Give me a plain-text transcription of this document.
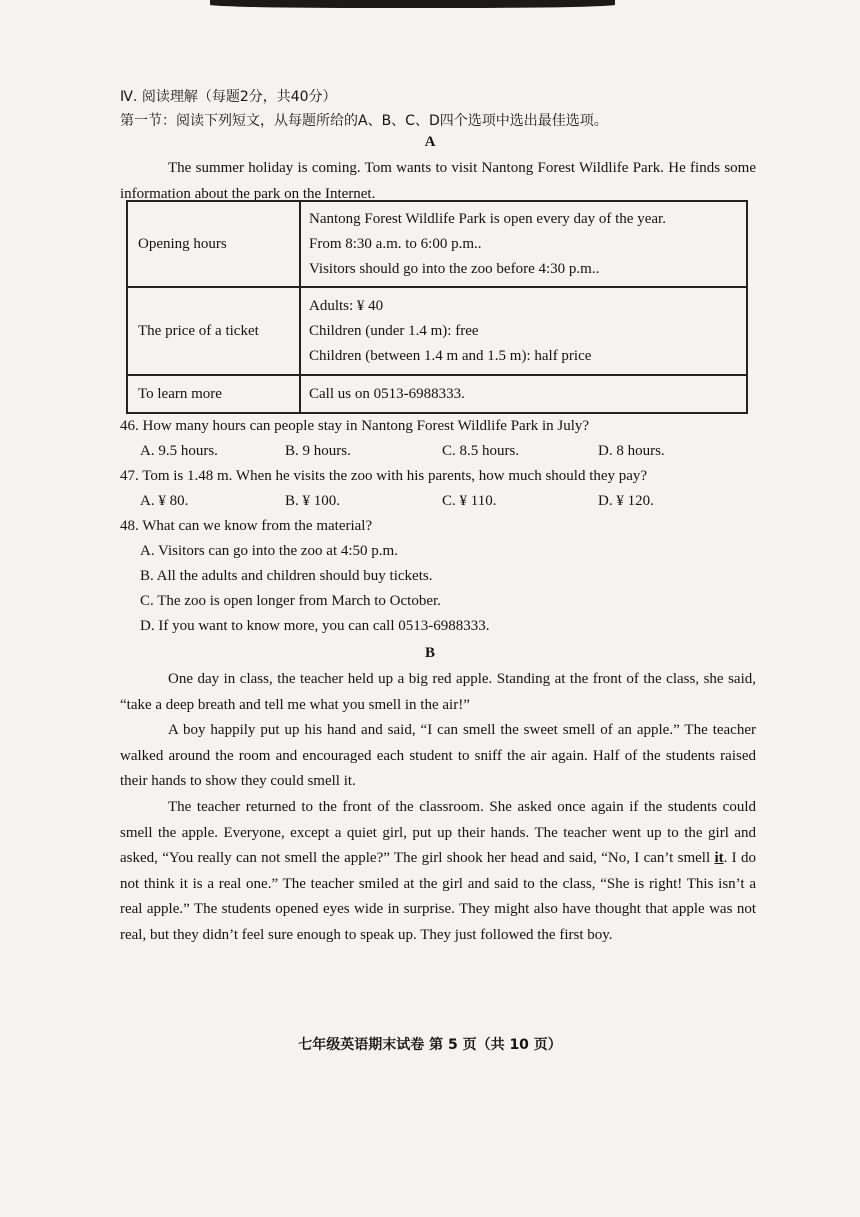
Ⅳ. 阅读理解（每题2分，共40分）
第一节：阅读下列短文，从每题所给的A、B、C、D四个选项中选出最佳选项。
A
The summer holiday is coming. Tom wants to visit Nantong Forest Wildlife Park. He finds some information about the park on the Internet.
Opening hours	Nantong Forest Wildlife Park is open every day of the year.
From 8:30 a.m. to 6:00 p.m..
Visitors should go into the zoo before 4:30 p.m..

The price of a ticket	Adults: ¥ 40
Children (under 1.4 m): free
Children (between 1.4 m and 1.5 m): half price

To learn more	Call us on 0513-6988333.
46. How many hours can people stay in Nantong Forest Wildlife Park in July?
A. 9.5 hours.	B. 9 hours.	C. 8.5 hours.	D. 8 hours.
47. Tom is 1.48 m. When he visits the zoo with his parents, how much should they pay?
A. ¥ 80.	B. ¥ 100.	C. ¥ 110.	D. ¥ 120.
48. What can we know from the material?
A. Visitors can go into the zoo at 4:50 p.m.
B. All the adults and children should buy tickets.
C. The zoo is open longer from March to October.
D. If you want to know more, you can call 0513-6988333.
B
One day in class, the teacher held up a big red apple. Standing at the front of the class, she said, “take a deep breath and tell me what you smell in the air!”
A boy happily put up his hand and said, “I can smell the sweet smell of an apple.” The teacher walked around the room and encouraged each student to sniff the air again. Half of the students raised their hands to show they could smell it.
The teacher returned to the front of the classroom. She asked once again if the students could smell the apple. Everyone, except a quiet girl, put up their hands. The teacher went up to the girl and asked, “You really can not smell the apple?” The girl shook her head and said, “No, I can’t smell it. I do not think it is a real one.” The teacher smiled at the girl and said to the class, “She is right! This isn’t a real apple.” The students opened eyes wide in surprise. They might also have thought that apple was not real, but they didn’t feel sure enough to speak up. They just followed the first boy.
七年级英语期末试卷 第 5 页（共 10 页）
